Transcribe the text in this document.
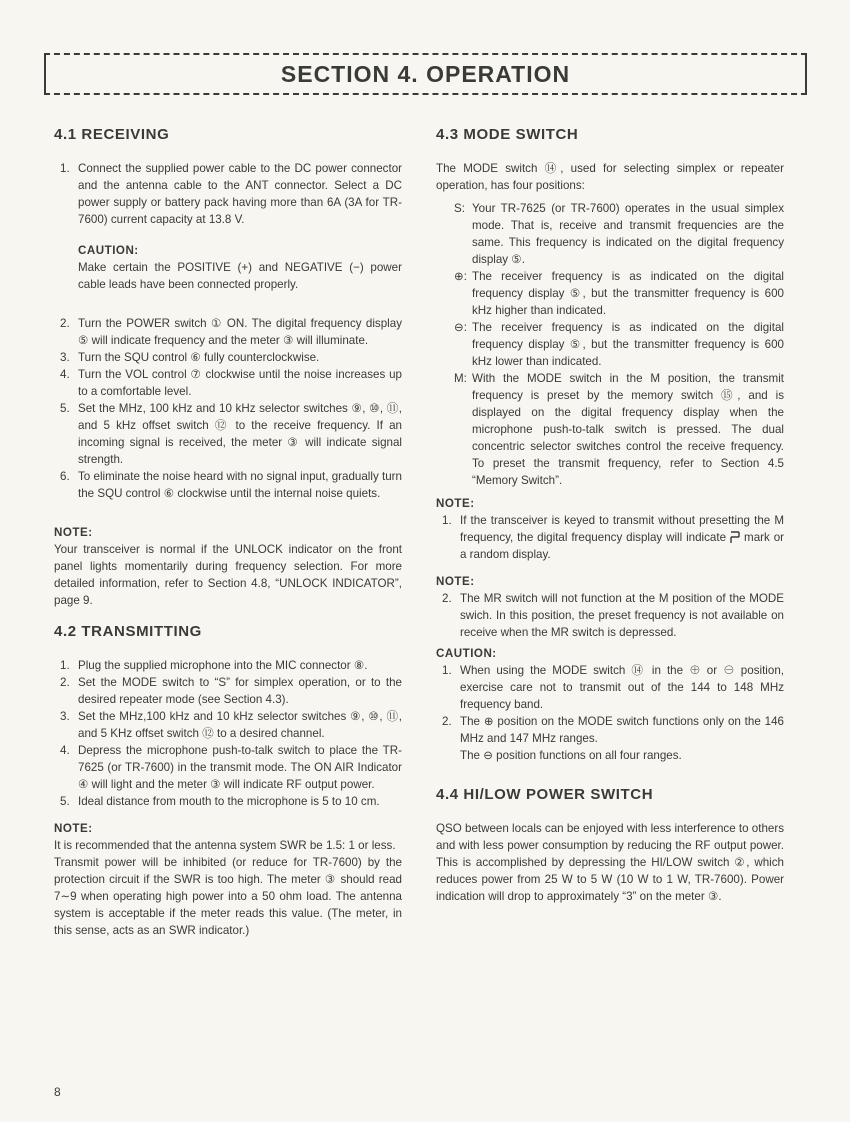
SECTION 4. OPERATION
4.1 RECEIVING
1. Connect the supplied power cable to the DC power connector and the antenna cable to the ANT connector. Select a DC power supply or battery pack having more than 6A (3A for TR-7600) current capacity at 13.8 V.
CAUTION:
Make certain the POSITIVE (+) and NEGATIVE (−) power cable leads have been connected properly.
2. Turn the POWER switch ① ON. The digital frequency display ⑤ will indicate frequency and the meter ③ will illuminate.
3. Turn the SQU control ⑥ fully counterclockwise.
4. Turn the VOL control ⑦ clockwise until the noise increases up to a comfortable level.
5. Set the MHz, 100 kHz and 10 kHz selector switches ⑨, ⑩, ⑪, and 5 kHz offset switch ⑫ to the receive frequency. If an incoming signal is received, the meter ③ will indicate signal strength.
6. To eliminate the noise heard with no signal input, gradually turn the SQU control ⑥ clockwise until the internal noise quiets.
NOTE:

Your transceiver is normal if the UNLOCK indicator on the front panel lights momentarily during frequency selection. For more detailed information, refer to Section 4.8, “UNLOCK INDICATOR”, page 9.

4.2 TRANSMITTING
1. Plug the supplied microphone into the MIC connector ⑧.
2. Set the MODE switch to “S” for simplex operation, or to the desired repeater mode (see Section 4.3).
3. Set the MHz,100 kHz and 10 kHz selector switches ⑨, ⑩, ⑪, and 5 KHz offset switch ⑫ to a desired channel.
4. Depress the microphone push-to-talk switch to place the TR-7625 (or TR-7600) in the transmit mode. The ON AIR Indicator ④ will light and the meter ③ will indicate RF output power.
5. Ideal distance from mouth to the microphone is 5 to 10 cm.
NOTE:

It is recommended that the antenna system SWR be 1.5: 1 or less.

Transmit power will be inhibited (or reduce for TR-7600) by the protection circuit if the SWR is too high. The meter ③ should read 7∼9 when operating high power into a 50 ohm load. The antenna system is acceptable if the meter reads this value. (The meter, in this sense, acts as an SWR indicator.)

4.3 MODE SWITCH

The MODE switch ⑭, used for selecting simplex or repeater operation, has four positions:

S: Your TR-7625 (or TR-7600) operates in the usual simplex mode. That is, receive and transmit frequencies are the same. This frequency is indicated on the digital frequency display ⑤.
⊕: The receiver frequency is as indicated on the digital frequency display ⑤, but the transmitter frequency is 600 kHz higher than indicated.
⊖: The receiver frequency is as indicated on the digital frequency display ⑤, but the transmitter frequency is 600 kHz lower than indicated.
M: With the MODE switch in the M position, the transmit frequency is preset by the memory switch ⑮, and is displayed on the digital frequency display when the microphone push-to-talk switch is pressed. The dual concentric selector switches control the receive frequency. To preset the transmit frequency, refer to Section 4.5 “Memory Switch”.
NOTE:
1. If the transceiver is keyed to transmit without presetting the M frequency, the digital frequency display will indicate mark or a random display.
NOTE:
2. The MR switch will not function at the M position of the MODE swich. In this position, the preset frequency is not available on receive when the MR switch is depressed.
CAUTION:
1. When using the MODE switch ⑭ in the ⊕ or ⊖ position, exercise care not to transmit out of the 144 to 148 MHz frequency band.
2. The ⊕ position on the MODE switch functions only on the 146 MHz and 147 MHz ranges.
The ⊖ position functions on all four ranges.
4.4 HI/LOW POWER SWITCH

QSO between locals can be enjoyed with less interference to others and with less power consumption by reducing the RF output power. This is accomplished by depressing the HI/LOW switch ②, which reduces power from 25 W to 5 W (10 W to 1 W, TR-7600). Power indication will drop to approximately “3” on the meter ③.

8
